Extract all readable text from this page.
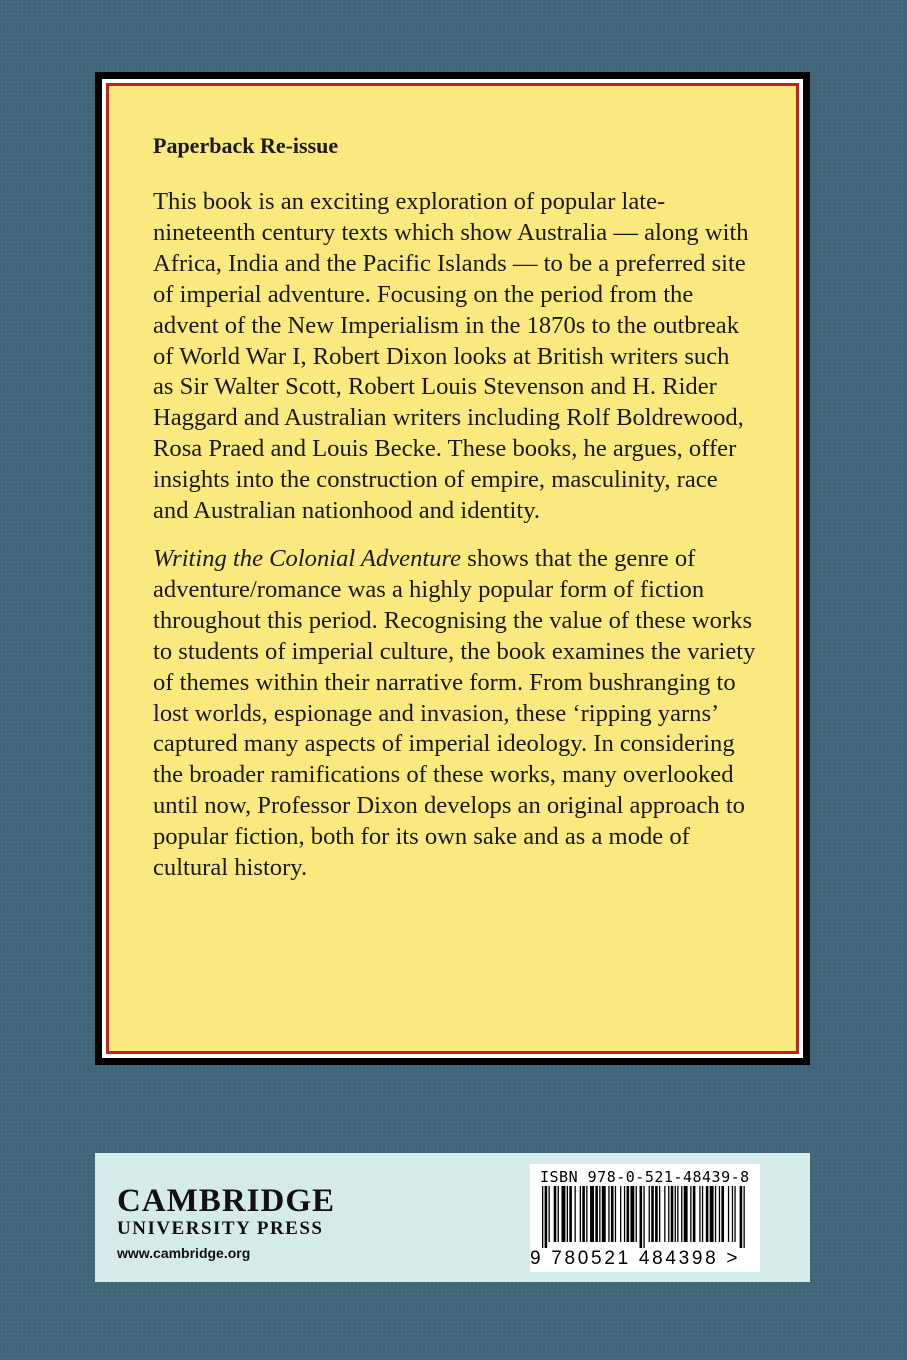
Paperback Re-issue

This book is an exciting exploration of popular late-nineteenth century texts which show Australia — along with Africa, India and the Pacific Islands — to be a preferred site of imperial adventure. Focusing on the period from the advent of the New Imperialism in the 1870s to the outbreak of World War I, Robert Dixon looks at British writers such as Sir Walter Scott, Robert Louis Stevenson and H. Rider Haggard and Australian writers including Rolf Boldrewood, Rosa Praed and Louis Becke. These books, he argues, offer insights into the construction of empire, masculinity, race and Australian nationhood and identity.

Writing the Colonial Adventure shows that the genre of adventure/romance was a highly popular form of fiction throughout this period. Recognising the value of these works to students of imperial culture, the book examines the variety of themes within their narrative form. From bushranging to lost worlds, espionage and invasion, these ‘ripping yarns’ captured many aspects of imperial ideology. In considering the broader ramifications of these works, many overlooked until now, Professor Dixon develops an original approach to popular fiction, both for its own sake and as a mode of cultural history.

CAMBRIDGE
UNIVERSITY PRESS
www.cambridge.org
ISBN 978-0-521-48439-8
9 780521 484398 >
